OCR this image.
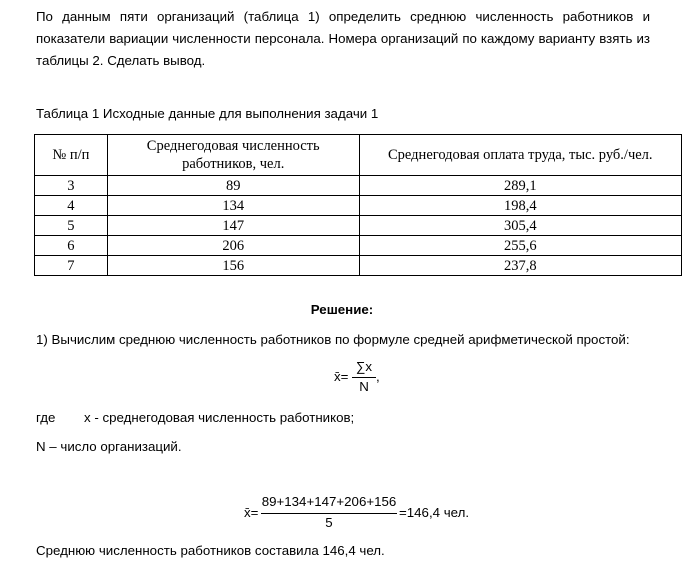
По данным пяти организаций (таблица 1) определить среднюю численность работников и показатели вариации численности персонала. Номера организаций по каждому варианту взять из таблицы 2. Сделать вывод.
Таблица 1 Исходные данные для выполнения задачи 1
№ п/п	Среднегодовая численность работников, чел.	Среднегодовая оплата труда, тыс. руб./чел.
3	89	289,1
4	134	198,4
5	147	305,4
6	206	255,6
7	156	237,8
Решение:
1) Вычислим среднюю численность работников по формуле средней арифметической простой:
x̄=
∑x
N
,
где x - среднегодовая численность работников;
N – число организаций.
x̄=
89+134+147+206+156
5
=146,4 чел.
Среднюю численность работников составила 146,4 чел.
